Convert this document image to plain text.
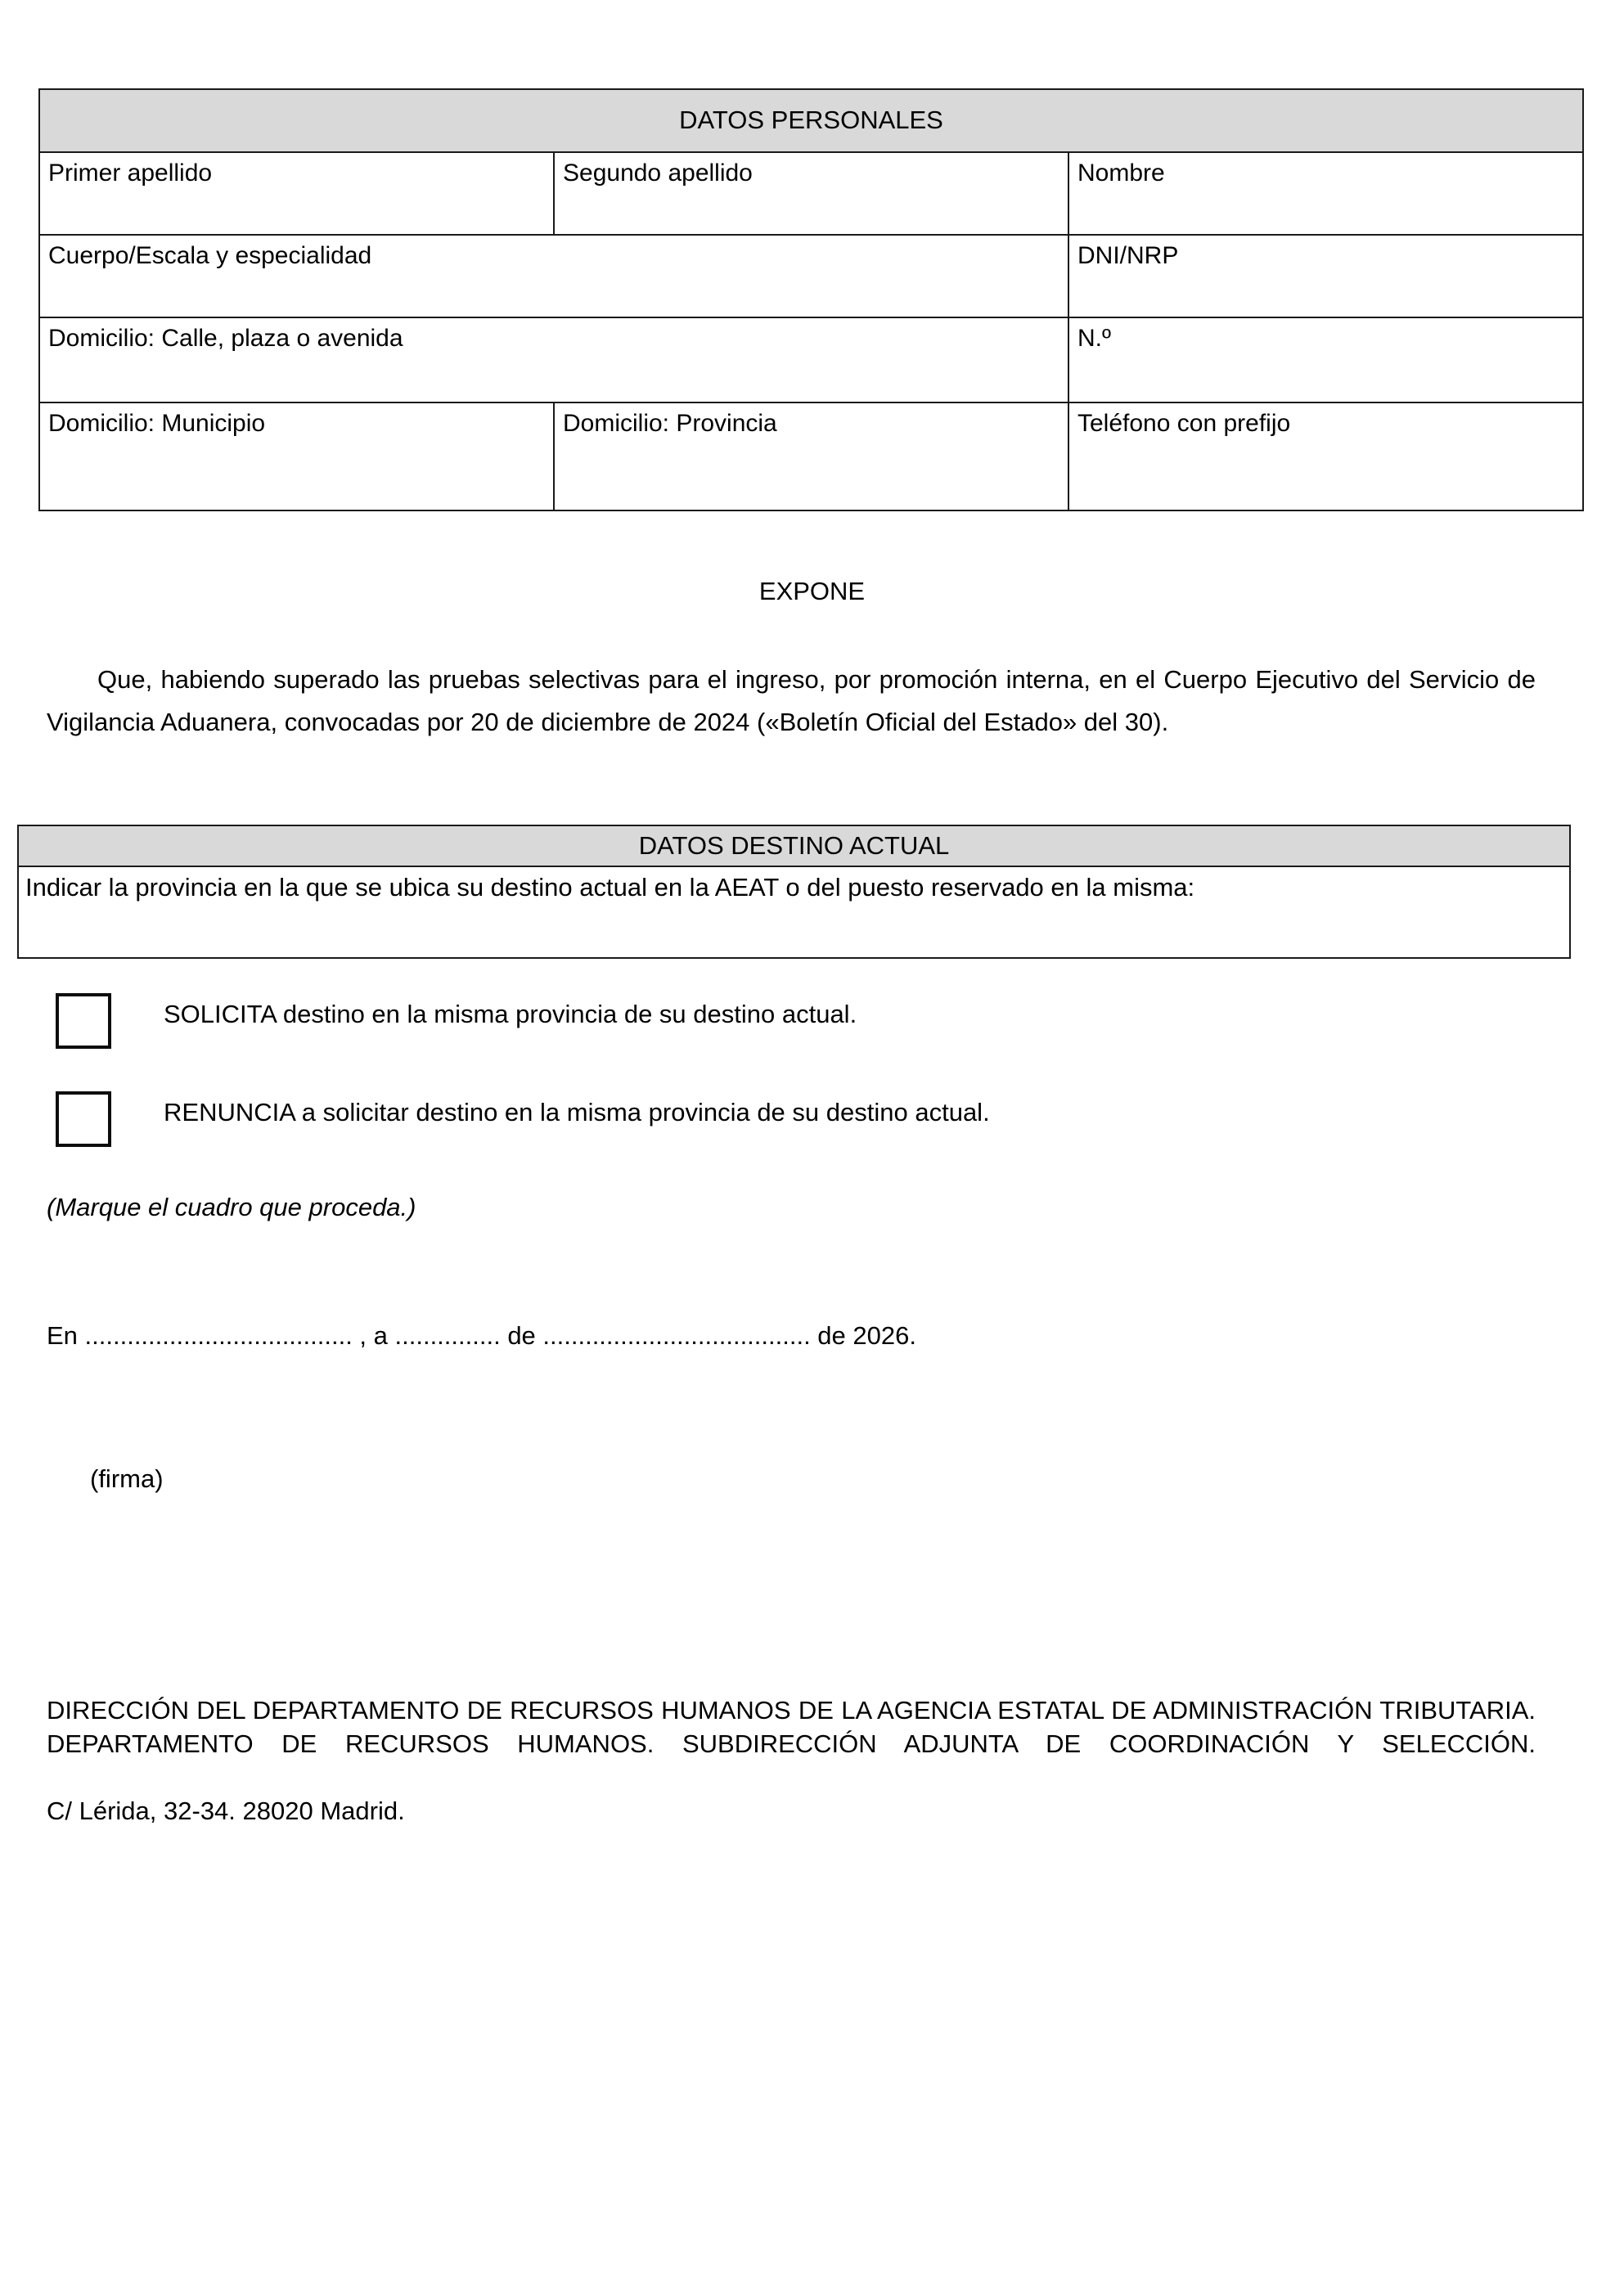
DATOS PERSONALES		
Primer apellido	Segundo apellido	Nombre
Cuerpo/Escala y especialidad		DNI/NRP
Domicilio: Calle, plaza o avenida		N.º
Domicilio: Municipio	Domicilio: Provincia	Teléfono con prefijo
EXPONE
Que, habiendo superado las pruebas selectivas para el ingreso, por promoción interna, en el Cuerpo Ejecutivo del Servicio de Vigilancia Aduanera, convocadas por 20 de diciembre de 2024 («Boletín Oficial del Estado» del 30).
DATOS DESTINO ACTUAL
Indicar la provincia en la que se ubica su destino actual en la AEAT o del puesto reservado en la misma:
SOLICITA destino en la misma provincia de su destino actual.
RENUNCIA a solicitar destino en la misma provincia de su destino actual.
(Marque el cuadro que proceda.)
En ...................................... , a ............... de ...................................... de 2026.
(firma)
DIRECCIÓN DEL DEPARTAMENTO DE RECURSOS HUMANOS DE LA AGENCIA ESTATAL DE ADMINISTRACIÓN TRIBUTARIA. DEPARTAMENTO DE RECURSOS HUMANOS. SUBDIRECCIÓN ADJUNTA DE COORDINACIÓN Y SELECCIÓN.
C/ Lérida, 32-34. 28020 Madrid.
